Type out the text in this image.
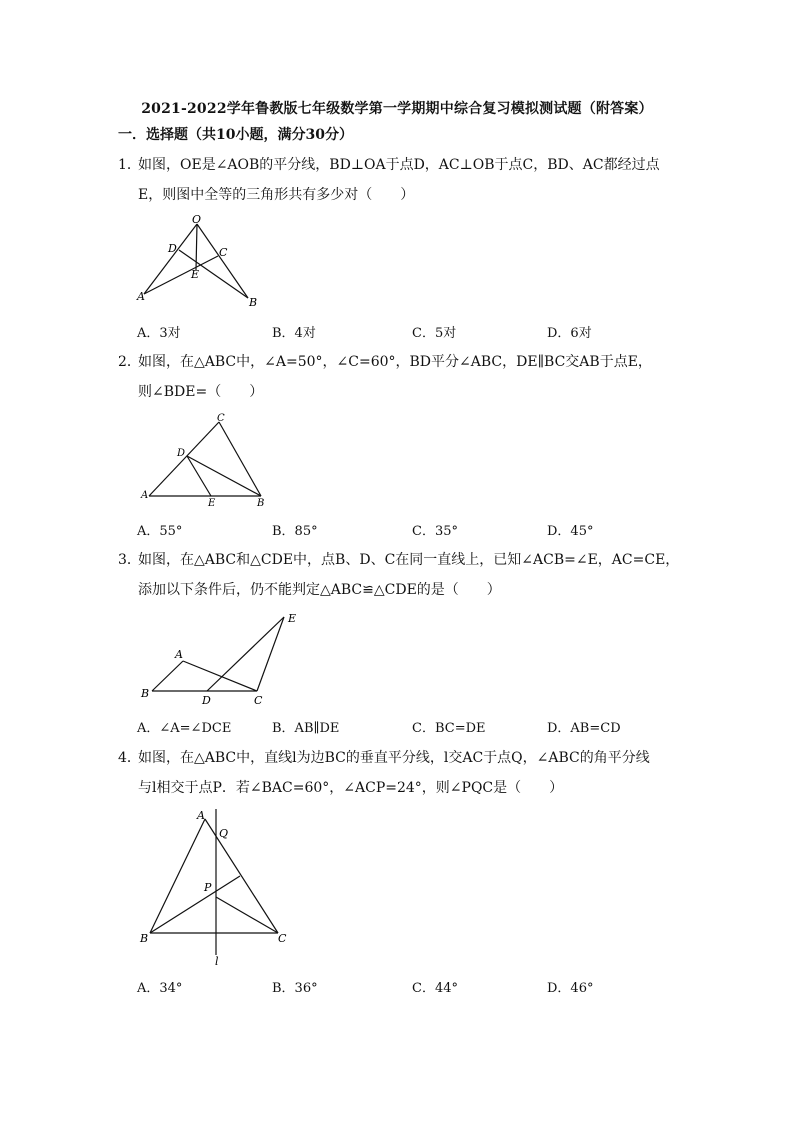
2021-2022学年鲁教版七年级数学第一学期期中综合复习模拟测试题（附答案）
一．选择题（共10小题，满分30分）
1．如图，OE是∠AOB的平分线，BD⊥OA于点D，AC⊥OB于点C，BD、AC都经过点
E，则图中全等的三角形共有多少对（　　）
O
D	C
E
A	B
A．3对	B．4对	C．5对	D．6对
2．如图，在△ABC中，∠A=50°，∠C=60°，BD平分∠ABC，DE∥BC交AB于点E，
则∠BDE=（　　）
C
D
A
E	B
A．55°	B．85°	C．35°	D．45°
3．如图，在△ABC和△CDE中，点B、D、C在同一直线上，已知∠ACB=∠E，AC=CE，
添加以下条件后，仍不能判定△ABC≌△CDE的是（　　）
E
A
B
D	C
A．∠A=∠DCE	B．AB∥DE	C．BC=DE	D．AB=CD
4．如图，在△ABC中，直线l为边BC的垂直平分线，l交AC于点Q，∠ABC的角平分线
与l相交于点P．若∠BAC=60°，∠ACP=24°，则∠PQC是（　　）
A
Q
P
B	C
l
A．34°	B．36°	C．44°	D．46°
